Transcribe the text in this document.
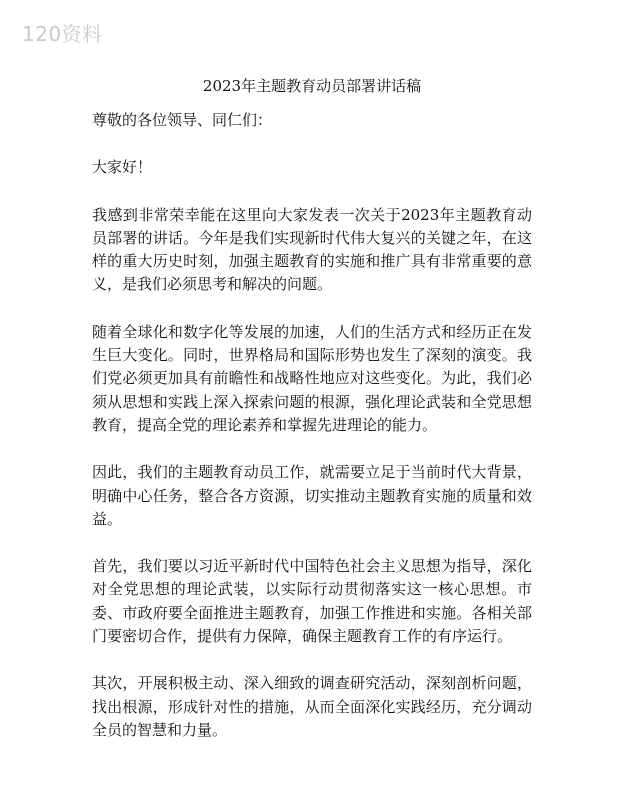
120资料
2023年主题教育动员部署讲话稿

尊敬的各位领导、同仁们：

大家好！

我感到非常荣幸能在这里向大家发表一次关于2023年主题教育动员部署的讲话。今年是我们实现新时代伟大复兴的关键之年，在这样的重大历史时刻，加强主题教育的实施和推广具有非常重要的意义，是我们必须思考和解决的问题。

随着全球化和数字化等发展的加速，人们的生活方式和经历正在发生巨大变化。同时，世界格局和国际形势也发生了深刻的演变。我们党必须更加具有前瞻性和战略性地应对这些变化。为此，我们必须从思想和实践上深入探索问题的根源，强化理论武装和全党思想教育，提高全党的理论素养和掌握先进理论的能力。

因此，我们的主题教育动员工作，就需要立足于当前时代大背景，明确中心任务，整合各方资源，切实推动主题教育实施的质量和效益。

首先，我们要以习近平新时代中国特色社会主义思想为指导，深化对全党思想的理论武装，以实际行动贯彻落实这一核心思想。市委、市政府要全面推进主题教育，加强工作推进和实施。各相关部门要密切合作，提供有力保障，确保主题教育工作的有序运行。

其次，开展积极主动、深入细致的调查研究活动，深刻剖析问题，找出根源，形成针对性的措施，从而全面深化实践经历，充分调动全员的智慧和力量。
